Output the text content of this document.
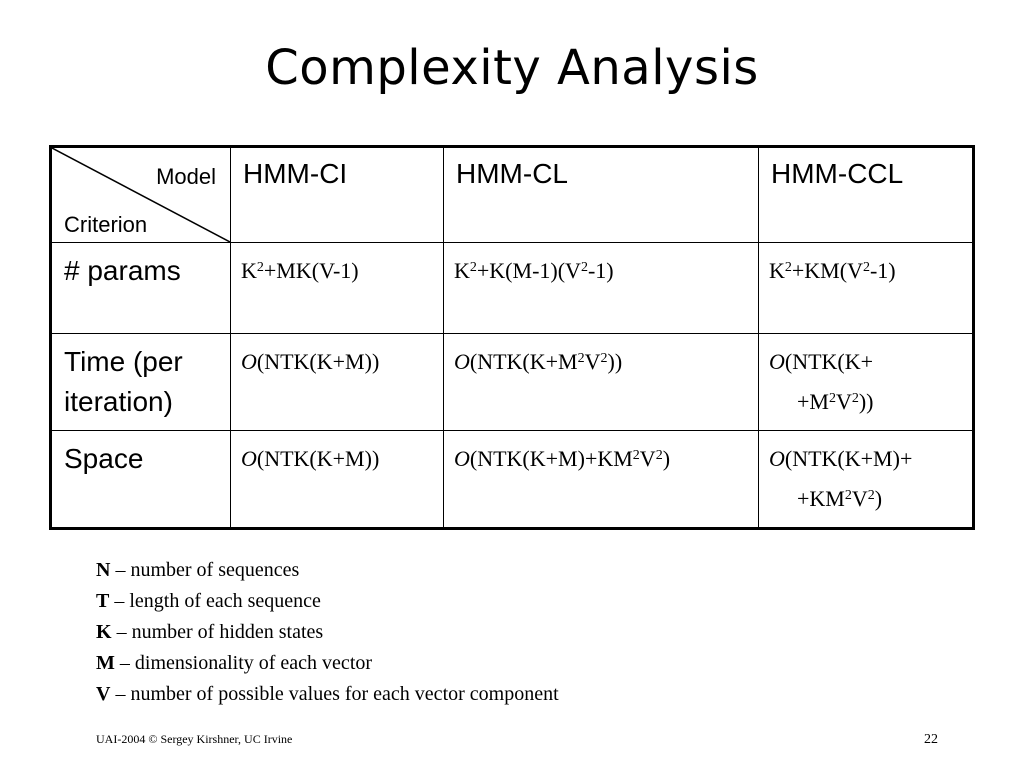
Complexity Analysis
Model
Criterion	HMM-CI	HMM-CL	HMM-CCL

# params	$K^2+MK(V-1)$	$K^2+K(M-1)(V^2-1)$	$K^2+KM(V^2-1)$

Time (per iteration)	O(NTK(K+M))	$O(NTK(K+M^2V^2))$	O(NTK(K+
$+M^2V^2$))

Space	O(NTK(K+M))	$O(NTK(K+M)+KM^2V^2)$	O(NTK(K+M)+
$+KM^2V^2$)
N – number of sequences
T – length of each sequence
K – number of hidden states
M – dimensionality of each vector
V – number of possible values for each vector component
UAI-2004 © Sergey Kirshner, UC Irvine	22
